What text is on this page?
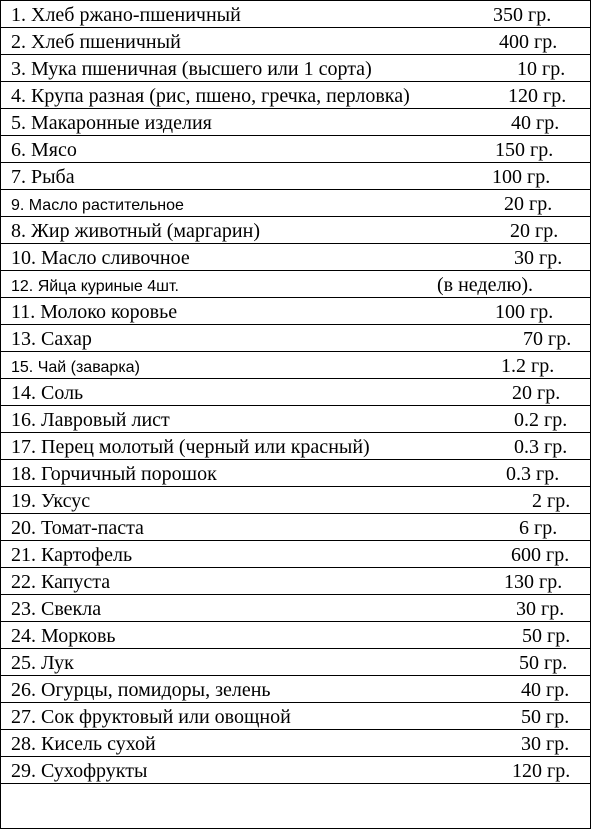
1. Хлеб ржано-пшеничный	350 гр.
2. Хлеб пшеничный	400 гр.
3. Мука пшеничная (высшего или 1 сорта)	10 гр.
4. Крупа разная (рис, пшено, гречка, перловка)	120 гр.
5. Макаронные изделия	40 гр.
6. Мясо	150 гр.
7. Рыба	100 гр.
9. Масло растительное	20 гр.
8. Жир животный (маргарин)	20 гр.
10. Масло сливочное	30 гр.
12. Яйца куриные 4шт.	(в неделю).
11. Молоко коровье	100 гр.
13. Сахар	70 гр.
15. Чай (заварка)	1.2 гр.
14. Соль	20 гр.
16. Лавровый лист	0.2 гр.
17. Перец молотый (черный или красный)	0.3 гр.
18. Горчичный порошок	0.3 гр.
19. Уксус	2 гр.
20. Томат-паста	6 гр.
21. Картофель	600 гр.
22. Капуста	130 гр.
23. Свекла	30 гр.
24. Морковь	50 гр.
25. Лук	50 гр.
26. Огурцы, помидоры, зелень	40 гр.
27. Сок фруктовый или овощной	50 гр.
28. Кисель сухой	30 гр.
29. Сухофрукты	120 гр.
